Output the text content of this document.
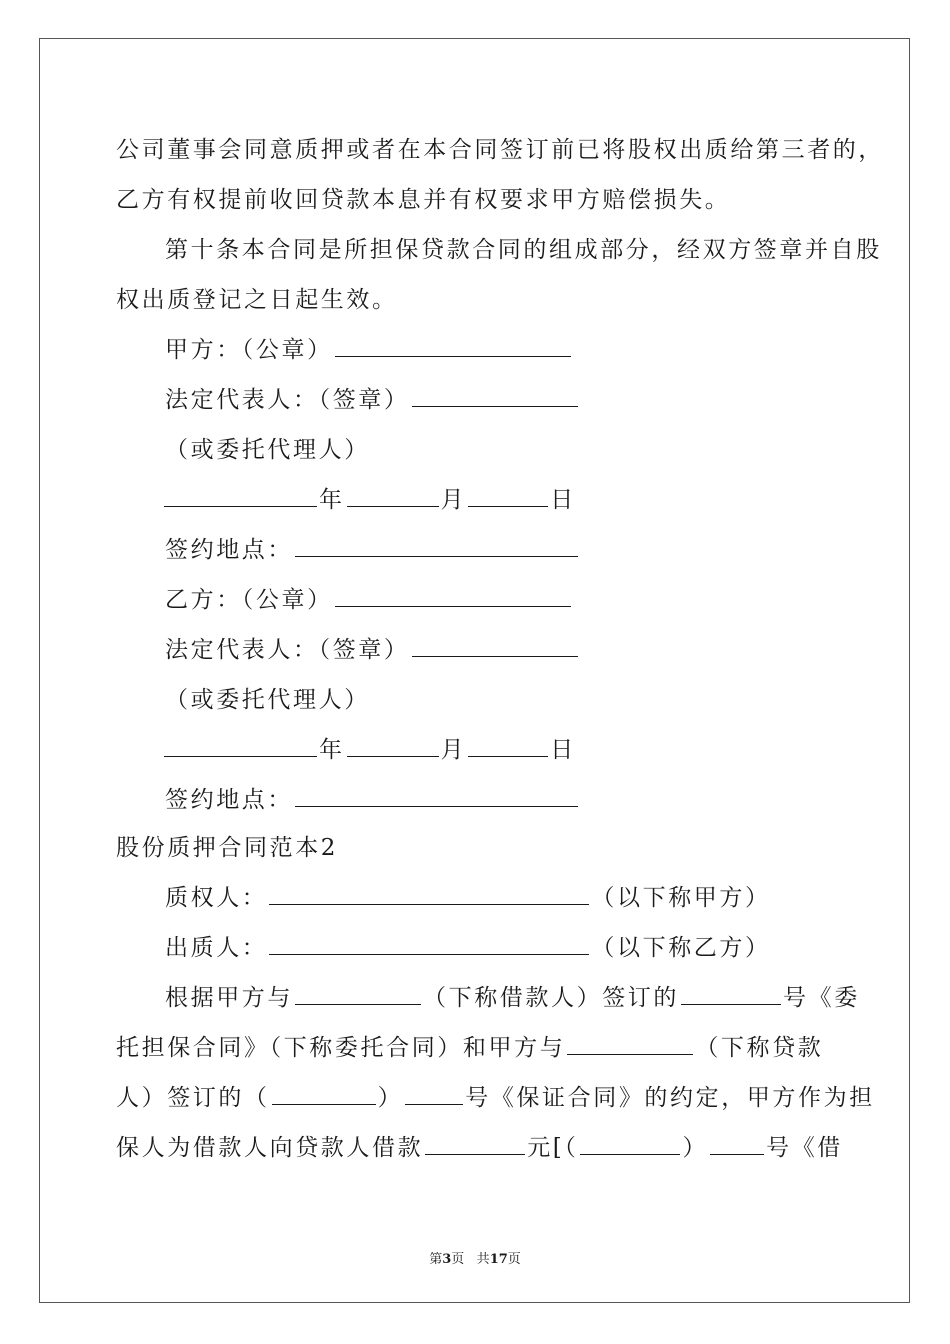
公司董事会同意质押或者在本合同签订前已将股权出质给第三者的，
乙方有权提前收回贷款本息并有权要求甲方赔偿损失。
第十条本合同是所担保贷款合同的组成部分，经双方签章并自股
权出质登记之日起生效。
甲方：（公章）
法定代表人：（签章）
（或委托代理人）
年	月	日
签约地点：
乙方：（公章）
法定代表人：（签章）
（或委托代理人）
年	月	日
签约地点：
股份质押合同范本2
质权人：	（以下称甲方）
出质人：	（以下称乙方）
根据甲方与	（下称借款人）签订的	号《委
托担保合同》（下称委托合同）和甲方与	（下称贷款
人）签订的（	）	号《保证合同》的约定，甲方作为担
保人为借款人向贷款人借款	元[（	）	号《借
第3页 共17页
